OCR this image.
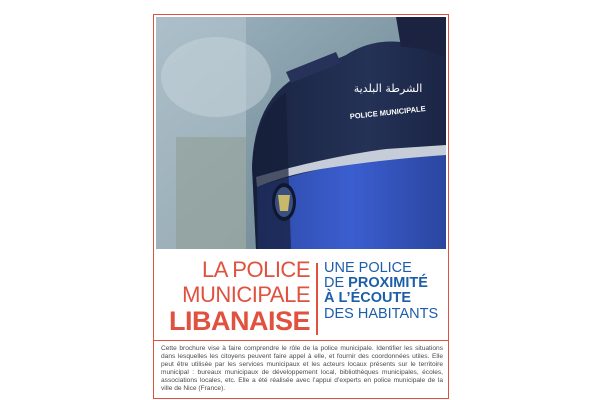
الشرطة البلدية
POLICE MUNICIPALE
LA POLICE
MUNICIPALE
LIBANAISE
UNE POLICE
DE PROXIMITÉ
À L’ÉCOUTE
DES HABITANTS

Cette brochure vise à faire comprendre le rôle de la police municipale. Identifier les situations dans lesquelles les citoyens peuvent faire appel à elle, et fournir des coordonnées utiles. Elle peut être utilisée par les services municipaux et les acteurs locaux présents sur le territoire municipal : bureaux municipaux de développement local, bibliothèques municipales, écoles, associations locales, etc. Elle a été réalisée avec l’appui d’experts en police municipale de la ville de Nice (France).
